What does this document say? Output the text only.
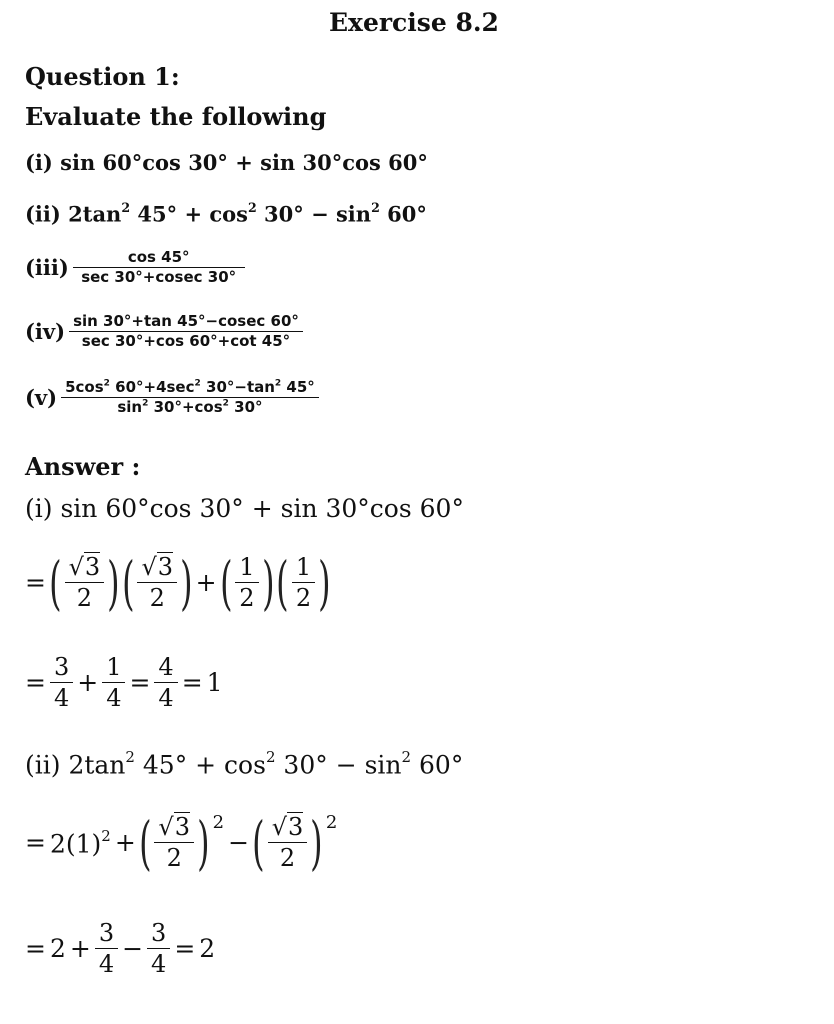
Exercise 8.2
Question 1:
Evaluate the following
(i) sin 60°cos 30° + sin 30°cos 60°
(ii) $2\tan^2$ $45^\circ + \cos^2 30^\circ - \sin^2 60^\circ$
$(iii) \frac{\cos 45^\circ}{\sec 30^\circ+cosec 30^\circ}$
$(iv) \frac{\sin 30^\circ+\tan 45^\circ-cosec 60^\circ}{\sec 30^\circ+\cos 60^\circ+\cot 45^\circ}$
$(v) \frac{5\cos^2 60^\circ+4\sec^2 30^\circ-\tan^2 45^\circ}{\sin^2 30^\circ+\cos^2 30^\circ}$
Answer :
(i) sin 60°cos 30° + sin 30°cos 60°
= ( $\frac{√3}{2}$ ) ( $\frac{√3}{2}$ ) + ( $\frac{1}{2}$ ) ( $\frac{1}{2}$ )
= $\frac{3}{4} + \frac{1}{4} = \frac{4}{4} = 1$
(ii) $2\tan^2$ $45^\circ + \cos^2 30^\circ - \sin^2 60^\circ$
= $2(1)^2$ + ( $\frac{√3}{2}$ ) 2
− ( $\frac{√3}{2}$ ) 2
= $2 + \frac{3}{4} - \frac{3}{4} = 2$
